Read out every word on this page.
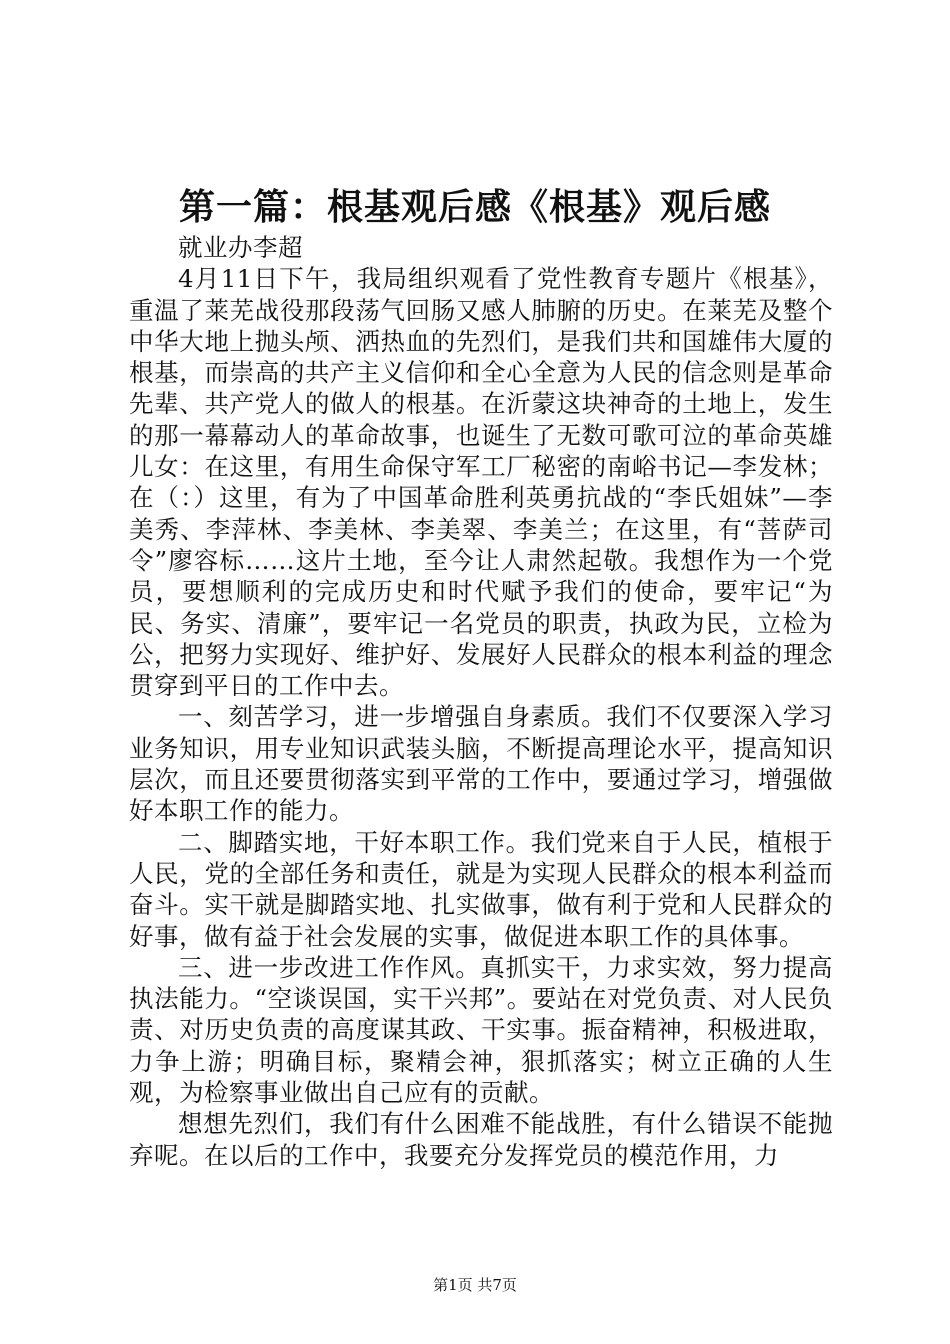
第一篇：根基观后感《根基》观后感

就业办李超

4月11日下午，我局组织观看了党性教育专题片《根基》，重温了莱芜战役那段荡气回肠又感人肺腑的历史。在莱芜及整个中华大地上抛头颅、洒热血的先烈们，是我们共和国雄伟大厦的根基，而崇高的共产主义信仰和全心全意为人民的信念则是革命先辈、共产党人的做人的根基。在沂蒙这块神奇的土地上，发生的那一幕幕动人的革命故事，也诞生了无数可歌可泣的革命英雄儿女：在这里，有用生命保守军工厂秘密的南峪书记—李发林；在（：）这里，有为了中国革命胜利英勇抗战的“李氏姐妹”—李美秀、李萍林、李美林、李美翠、李美兰；在这里，有“菩萨司令”廖容标……这片土地，至今让人肃然起敬。我想作为一个党员，要想顺利的完成历史和时代赋予我们的使命，要牢记“为民、务实、清廉”，要牢记一名党员的职责，执政为民，立检为公，把努力实现好、维护好、发展好人民群众的根本利益的理念贯穿到平日的工作中去。

一、刻苦学习，进一步增强自身素质。我们不仅要深入学习业务知识，用专业知识武装头脑，不断提高理论水平，提高知识层次，而且还要贯彻落实到平常的工作中，要通过学习，增强做好本职工作的能力。

二、脚踏实地，干好本职工作。我们党来自于人民，植根于人民，党的全部任务和责任，就是为实现人民群众的根本利益而奋斗。实干就是脚踏实地、扎实做事，做有利于党和人民群众的好事，做有益于社会发展的实事，做促进本职工作的具体事。

三、进一步改进工作作风。真抓实干，力求实效，努力提高执法能力。“空谈误国，实干兴邦”。要站在对党负责、对人民负责、对历史负责的高度谋其政、干实事。振奋精神，积极进取，力争上游；明确目标，聚精会神，狠抓落实；树立正确的人生观，为检察事业做出自己应有的贡献。

想想先烈们，我们有什么困难不能战胜，有什么错误不能抛弃呢。在以后的工作中，我要充分发挥党员的模范作用，力

第1页 共7页
